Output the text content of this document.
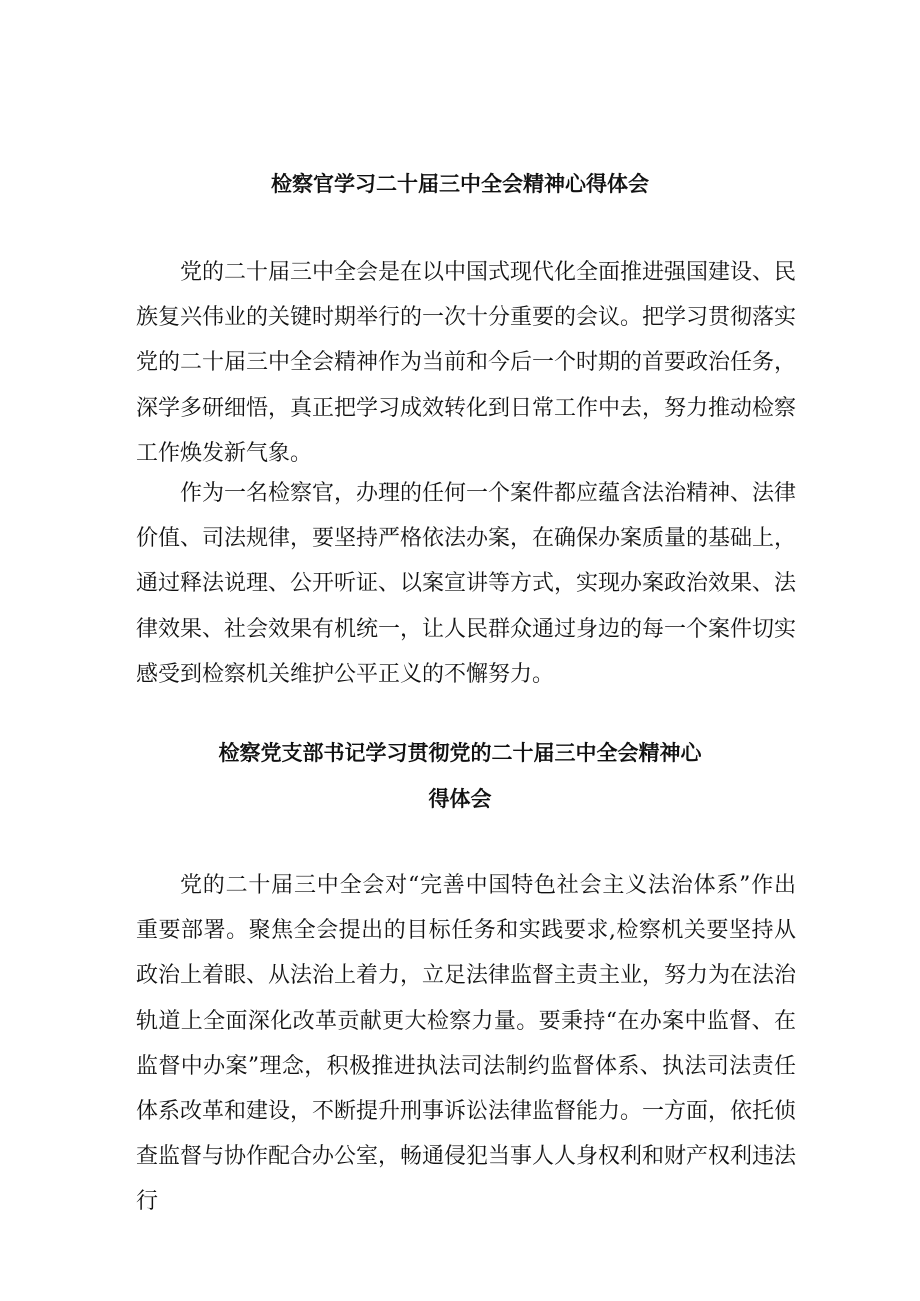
检察官学习二十届三中全会精神心得体会

党的二十届三中全会是在以中国式现代化全面推进强国建设、民族复兴伟业的关键时期举行的一次十分重要的会议。把学习贯彻落实党的二十届三中全会精神作为当前和今后一个时期的首要政治任务，深学多研细悟，真正把学习成效转化到日常工作中去，努力推动检察工作焕发新气象。

作为一名检察官，办理的任何一个案件都应蕴含法治精神、法律价值、司法规律，要坚持严格依法办案，在确保办案质量的基础上，通过释法说理、公开听证、以案宣讲等方式，实现办案政治效果、法律效果、社会效果有机统一，让人民群众通过身边的每一个案件切实感受到检察机关维护公平正义的不懈努力。

检察党支部书记学习贯彻党的二十届三中全会精神心
得体会

党的二十届三中全会对“完善中国特色社会主义法治体系”作出重要部署。聚焦全会提出的目标任务和实践要求,检察机关要坚持从政治上着眼、从法治上着力，立足法律监督主责主业，努力为在法治轨道上全面深化改革贡献更大检察力量。要秉持“在办案中监督、在监督中办案”理念，积极推进执法司法制约监督体系、执法司法责任体系改革和建设，不断提升刑事诉讼法律监督能力。一方面，依托侦查监督与协作配合办公室，畅通侵犯当事人人身权利和财产权利违法行
